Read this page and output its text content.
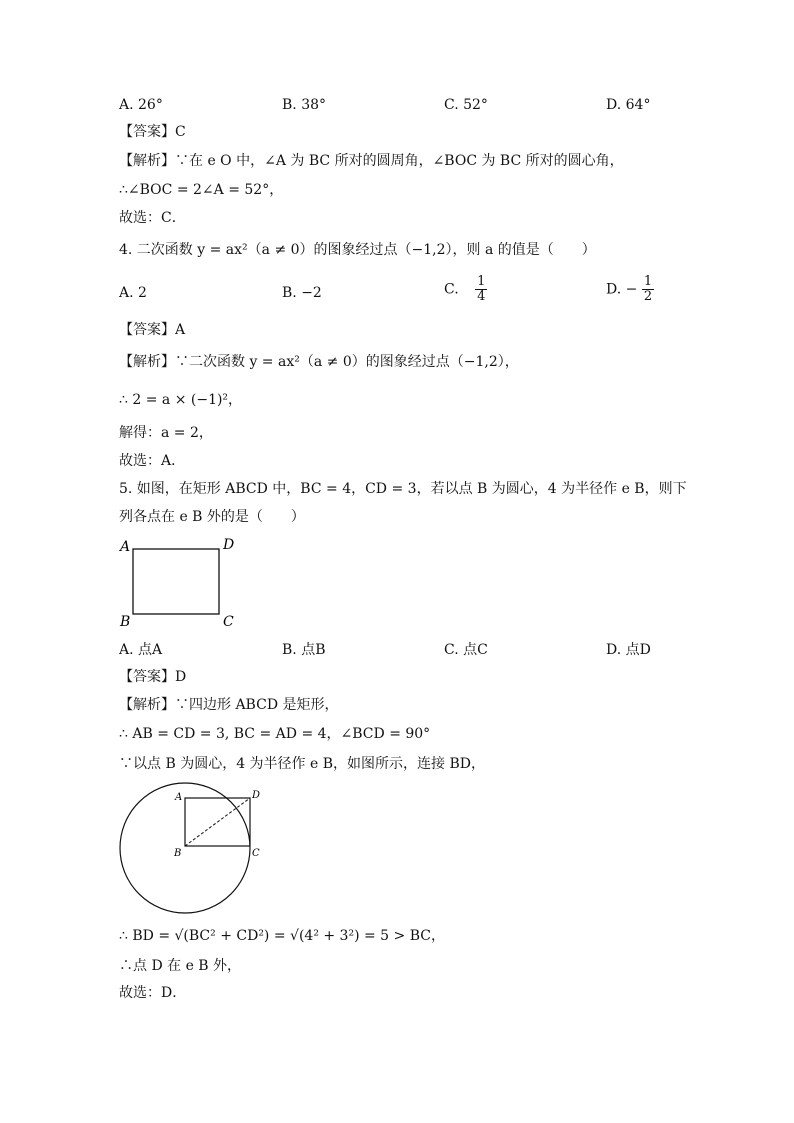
A. 26°	B. 38°	C. 52°	D. 64°
【答案】C
【解析】∵在 e O 中，∠A 为 BC 所对的圆周角，∠BOC 为 BC 所对的圆心角，
∴∠BOC = 2∠A = 52°，
故选：C．
4. 二次函数 y = ax²（a ≠ 0）的图象经过点（−1,2），则 a 的值是（　　）
A. 2	B. −2	C. $\frac{1}{4}$	D. − $\frac{1}{2}$
【答案】A
【解析】∵二次函数 y = ax²（a ≠ 0）的图象经过点（−1,2），
∴ 2 = a × (−1)²，
解得：a = 2，
故选：A．
5. 如图，在矩形 ABCD 中，BC = 4，CD = 3，若以点 B 为圆心，4 为半径作 e B，则下
列各点在 e B 外的是（　　）
A	D
B	C
A. 点A	B. 点B	C. 点C	D. 点D
【答案】D
【解析】∵四边形 ABCD 是矩形，
∴ AB = CD = 3, BC = AD = 4，∠BCD = 90°
∵以点 B 为圆心，4 为半径作 e B，如图所示，连接 BD，
A	D
B	C
∴ BD = √(BC² + CD²) = √(4² + 3²) = 5 > BC，
∴点 D 在 e B 外，
故选：D．
